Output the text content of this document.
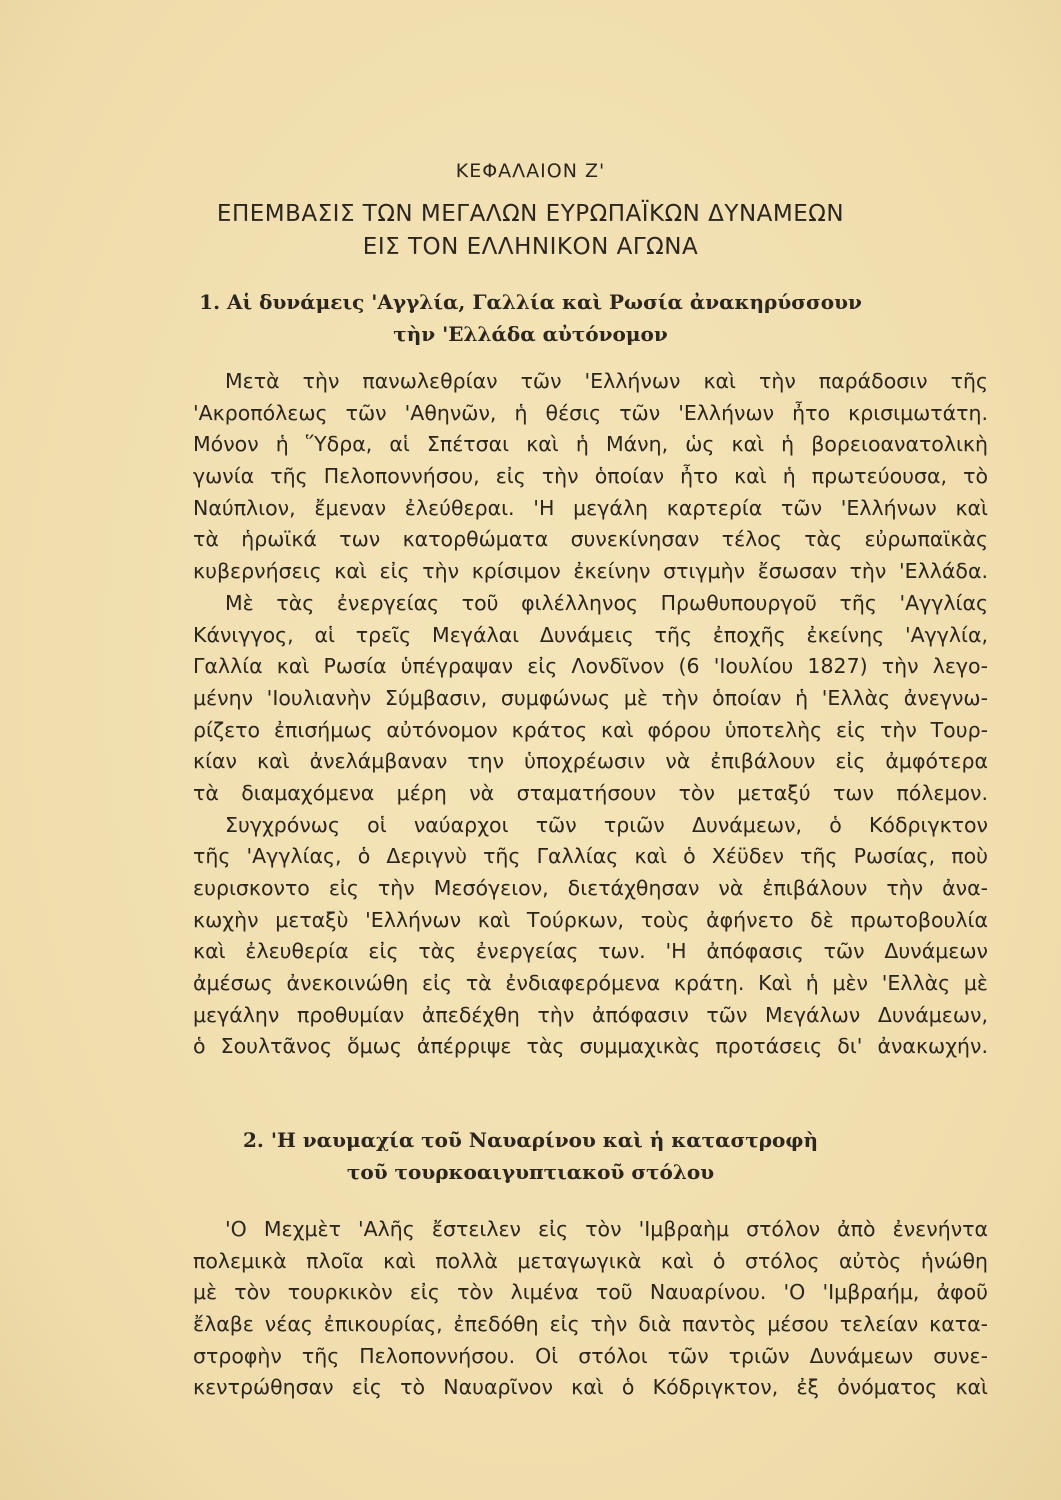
ΚΕΦΑΛΑΙΟΝ Ζ'
ΕΠΕΜΒΑΣΙΣ ΤΩΝ ΜΕΓΑΛΩΝ ΕΥΡΩΠΑΪΚΩΝ ΔΥΝΑΜΕΩΝ
ΕΙΣ ΤΟΝ ΕΛΛΗΝΙΚΟΝ ΑΓΩΝΑ
1. Αἱ δυνάμεις 'Αγγλία, Γαλλία καὶ Ρωσία ἀνακηρύσσουν
τὴν 'Ελλάδα αὐτόνομον
Μετὰ τὴν πανωλεθρίαν τῶν 'Ελλήνων καὶ τὴν παράδοσιν τῆς
'Ακροπόλεως τῶν 'Αθηνῶν, ἡ θέσις τῶν 'Ελλήνων ἦτο κρισιμωτάτη.
Μόνον ἡ Ὕδρα, αἱ Σπέτσαι καὶ ἡ Μάνη, ὡς καὶ ἡ βορειοανατολικὴ
γωνία τῆς Πελοποννήσου, εἰς τὴν ὁποίαν ἦτο καὶ ἡ πρωτεύουσα, τὸ
Ναύπλιον, ἔμεναν ἐλεύθεραι. 'Η μεγάλη καρτερία τῶν 'Ελλήνων καὶ
τὰ ἡρωϊκά των κατορθώματα συνεκίνησαν τέλος τὰς εὐρωπαϊκὰς
κυβερνήσεις καὶ εἰς τὴν κρίσιμον ἐκείνην στιγμὴν ἔσωσαν τὴν 'Ελλάδα.
Μὲ τὰς ἐνεργείας τοῦ φιλέλληνος Πρωθυπουργοῦ τῆς 'Αγγλίας
Κάνιγγος, αἱ τρεῖς Μεγάλαι Δυνάμεις τῆς ἐποχῆς ἐκείνης 'Αγγλία,
Γαλλία καὶ Ρωσία ὑπέγραψαν εἰς Λονδῖνον (6 'Ιουλίου 1827) τὴν λεγο-
μένην 'Ιουλιανὴν Σύμβασιν, συμφώνως μὲ τὴν ὁποίαν ἡ 'Ελλὰς ἀνεγνω-
ρίζετο ἐπισήμως αὐτόνομον κράτος καὶ φόρου ὑποτελὴς εἰς τὴν Τουρ-
κίαν καὶ ἀνελάμβαναν την ὑποχρέωσιν νὰ ἐπιβάλουν εἰς ἀμφότερα
τὰ διαμαχόμενα μέρη νὰ σταματήσουν τὸν μεταξύ των πόλεμον.
Συγχρόνως οἱ ναύαρχοι τῶν τριῶν Δυνάμεων, ὁ Κόδριγκτον
τῆς 'Αγγλίας, ὁ Δεριγνὺ τῆς Γαλλίας καὶ ὁ Χέϋδεν τῆς Ρωσίας, ποὺ
ευρισκοντο εἰς τὴν Μεσόγειον, διετάχθησαν νὰ ἐπιβάλουν τὴν ἀνα-
κωχὴν μεταξὺ 'Ελλήνων καὶ Τούρκων, τοὺς ἀφήνετο δὲ πρωτοβουλία
καὶ ἐλευθερία εἰς τὰς ἐνεργείας των. 'Η ἀπόφασις τῶν Δυνάμεων
ἀμέσως ἀνεκοινώθη εἰς τὰ ἐνδιαφερόμενα κράτη. Καὶ ἡ μὲν 'Ελλὰς μὲ
μεγάλην προθυμίαν ἀπεδέχθη τὴν ἀπόφασιν τῶν Μεγάλων Δυνάμεων,
ὁ Σουλτᾶνος ὅμως ἀπέρριψε τὰς συμμαχικὰς προτάσεις δι' ἀνακωχήν.
2. 'Η ναυμαχία τοῦ Ναυαρίνου καὶ ἡ καταστροφὴ
τοῦ τουρκοαιγυπτιακοῦ στόλου
'Ο Μεχμὲτ 'Αλῆς ἔστειλεν εἰς τὸν 'Ιμβραὴμ στόλον ἀπὸ ἐνενήντα
πολεμικὰ πλοῖα καὶ πολλὰ μεταγωγικὰ καὶ ὁ στόλος αὐτὸς ἡνώθη
μὲ τὸν τουρκικὸν εἰς τὸν λιμένα τοῦ Ναυαρίνου. 'Ο 'Ιμβραήμ, ἀφοῦ
ἔλαβε νέας ἐπικουρίας, ἐπεδόθη εἰς τὴν διὰ παντὸς μέσου τελείαν κατα-
στροφὴν τῆς Πελοποννήσου. Οἱ στόλοι τῶν τριῶν Δυνάμεων συνε-
κεντρώθησαν εἰς τὸ Ναυαρῖνον καὶ ὁ Κόδριγκτον, ἐξ ὀνόματος καὶ
